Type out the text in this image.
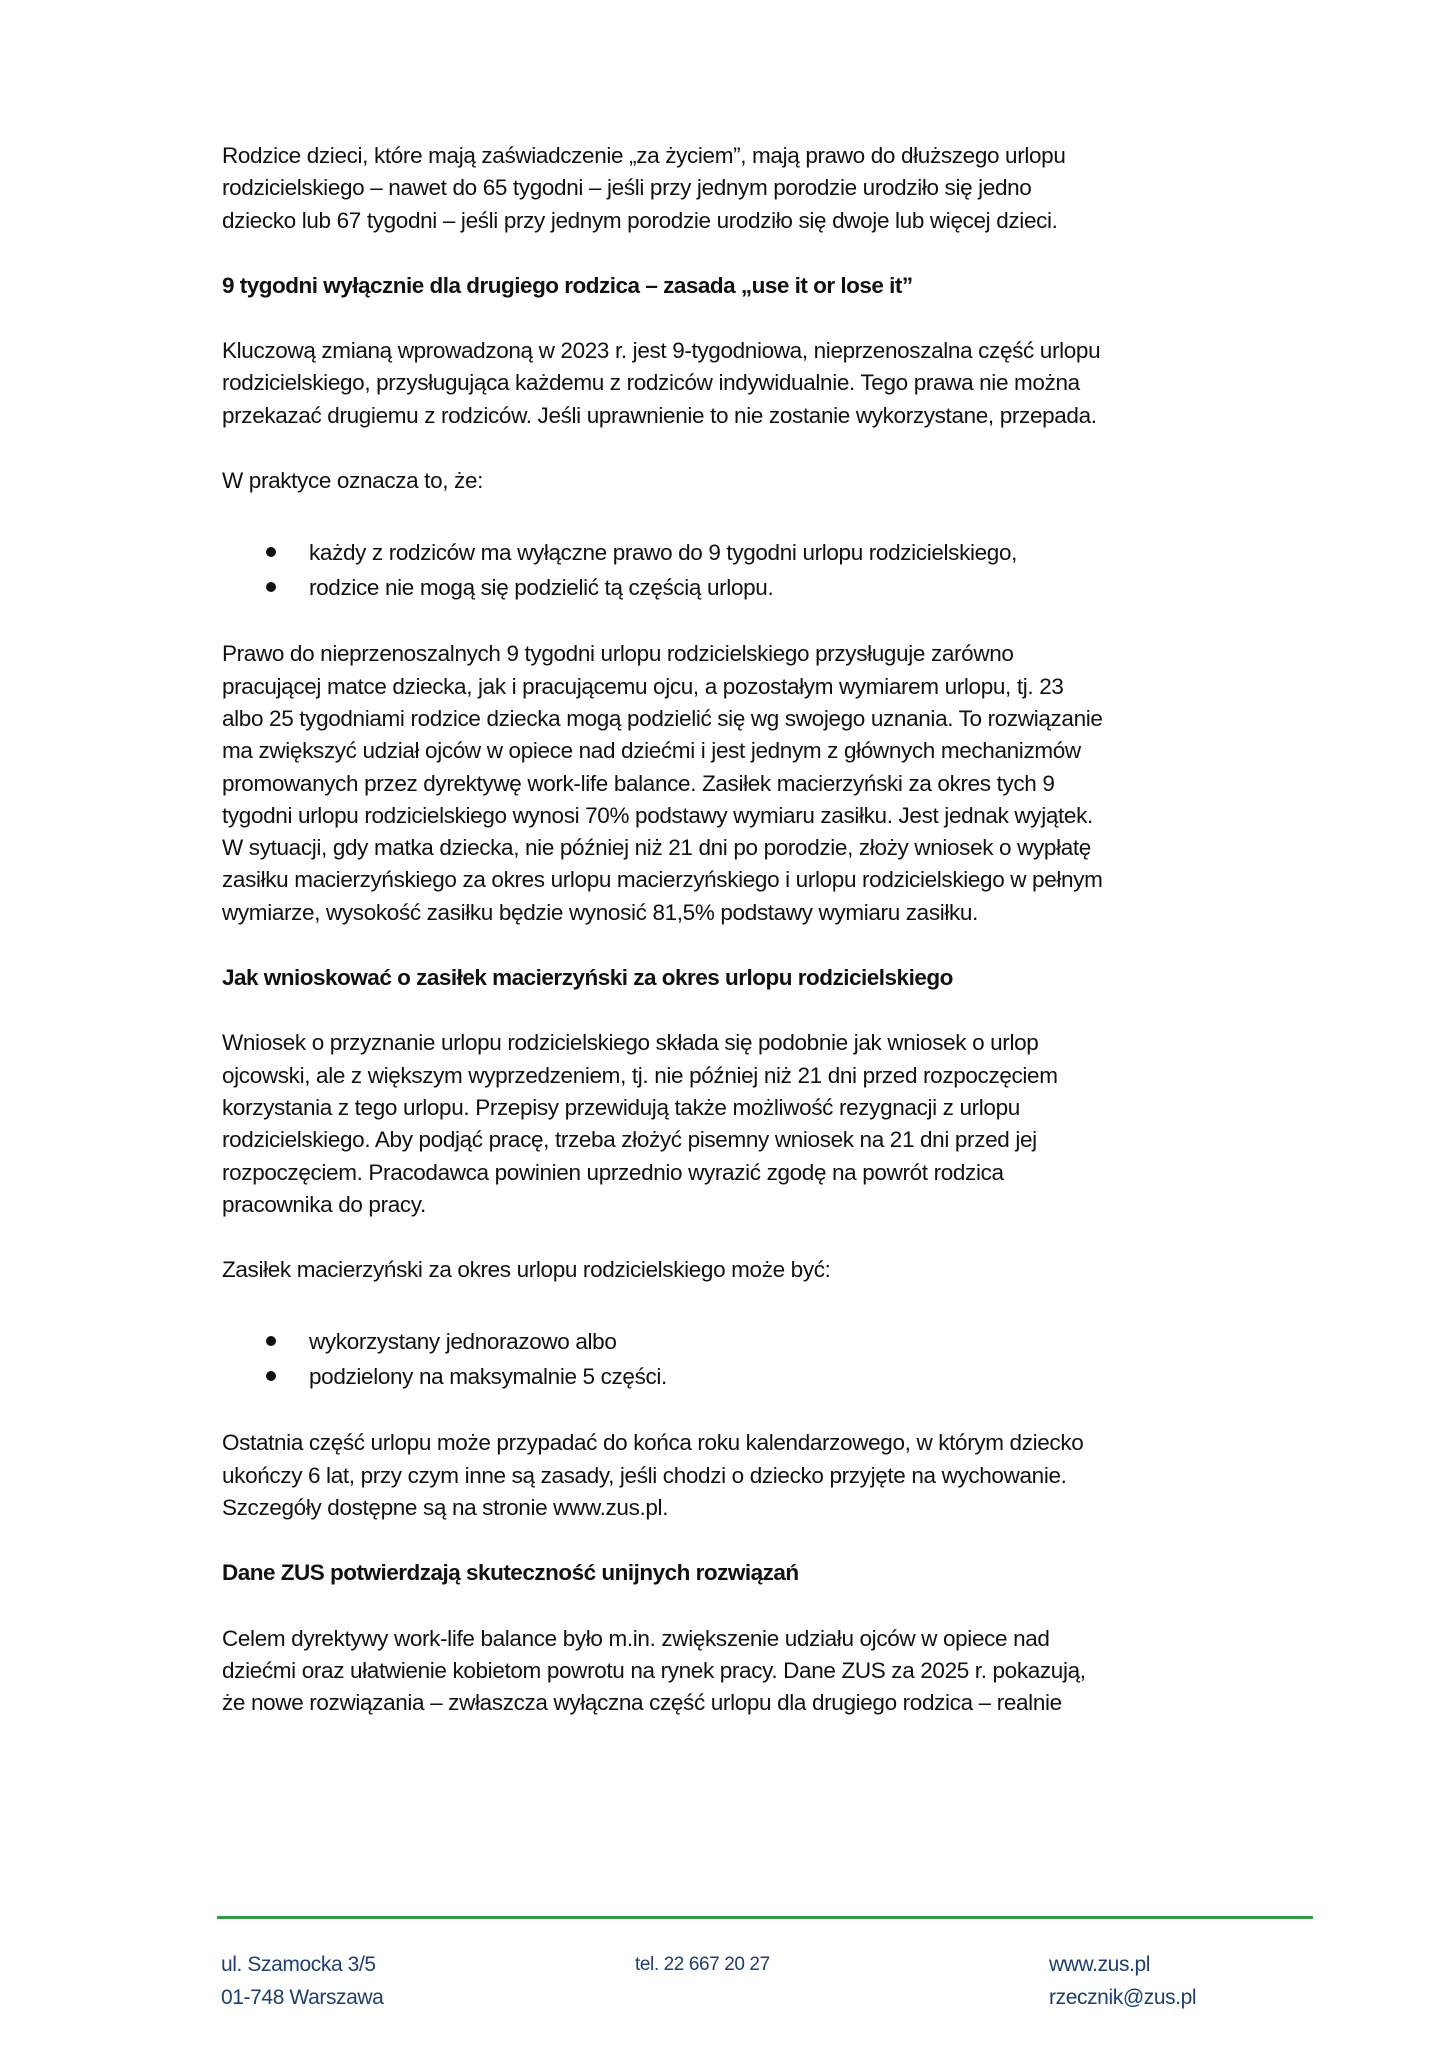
Rodzice dzieci, które mają zaświadczenie „za życiem”, mają prawo do dłuższego urlopu
rodzicielskiego – nawet do 65 tygodni – jeśli przy jednym porodzie urodziło się jedno
dziecko lub 67 tygodni – jeśli przy jednym porodzie urodziło się dwoje lub więcej dzieci.
9 tygodni wyłącznie dla drugiego rodzica – zasada „use it or lose it”
Kluczową zmianą wprowadzoną w 2023 r. jest 9-tygodniowa, nieprzenoszalna część urlopu
rodzicielskiego, przysługująca każdemu z rodziców indywidualnie. Tego prawa nie można
przekazać drugiemu z rodziców. Jeśli uprawnienie to nie zostanie wykorzystane, przepada.
W praktyce oznacza to, że:
każdy z rodziców ma wyłączne prawo do 9 tygodni urlopu rodzicielskiego,
rodzice nie mogą się podzielić tą częścią urlopu.
Prawo do nieprzenoszalnych 9 tygodni urlopu rodzicielskiego przysługuje zarówno
pracującej matce dziecka, jak i pracującemu ojcu, a pozostałym wymiarem urlopu, tj. 23
albo 25 tygodniami rodzice dziecka mogą podzielić się wg swojego uznania. To rozwiązanie
ma zwiększyć udział ojców w opiece nad dziećmi i jest jednym z głównych mechanizmów
promowanych przez dyrektywę work-life balance. Zasiłek macierzyński za okres tych 9
tygodni urlopu rodzicielskiego wynosi 70% podstawy wymiaru zasiłku. Jest jednak wyjątek.
W sytuacji, gdy matka dziecka, nie później niż 21 dni po porodzie, złoży wniosek o wypłatę
zasiłku macierzyńskiego za okres urlopu macierzyńskiego i urlopu rodzicielskiego w pełnym
wymiarze, wysokość zasiłku będzie wynosić 81,5% podstawy wymiaru zasiłku.
Jak wnioskować o zasiłek macierzyński za okres urlopu rodzicielskiego
Wniosek o przyznanie urlopu rodzicielskiego składa się podobnie jak wniosek o urlop
ojcowski, ale z większym wyprzedzeniem, tj. nie później niż 21 dni przed rozpoczęciem
korzystania z tego urlopu. Przepisy przewidują także możliwość rezygnacji z urlopu
rodzicielskiego. Aby podjąć pracę, trzeba złożyć pisemny wniosek na 21 dni przed jej
rozpoczęciem. Pracodawca powinien uprzednio wyrazić zgodę na powrót rodzica
pracownika do pracy.
Zasiłek macierzyński za okres urlopu rodzicielskiego może być:
wykorzystany jednorazowo albo
podzielony na maksymalnie 5 części.
Ostatnia część urlopu może przypadać do końca roku kalendarzowego, w którym dziecko
ukończy 6 lat, przy czym inne są zasady, jeśli chodzi o dziecko przyjęte na wychowanie.
Szczegóły dostępne są na stronie www.zus.pl.
Dane ZUS potwierdzają skuteczność unijnych rozwiązań
Celem dyrektywy work-life balance było m.in. zwiększenie udziału ojców w opiece nad
dziećmi oraz ułatwienie kobietom powrotu na rynek pracy. Dane ZUS za 2025 r. pokazują,
że nowe rozwiązania – zwłaszcza wyłączna część urlopu dla drugiego rodzica – realnie
ul. Szamocka 3/5
01-748 Warszawa
tel. 22 667 20 27	www.zus.pl
rzecznik@zus.pl
